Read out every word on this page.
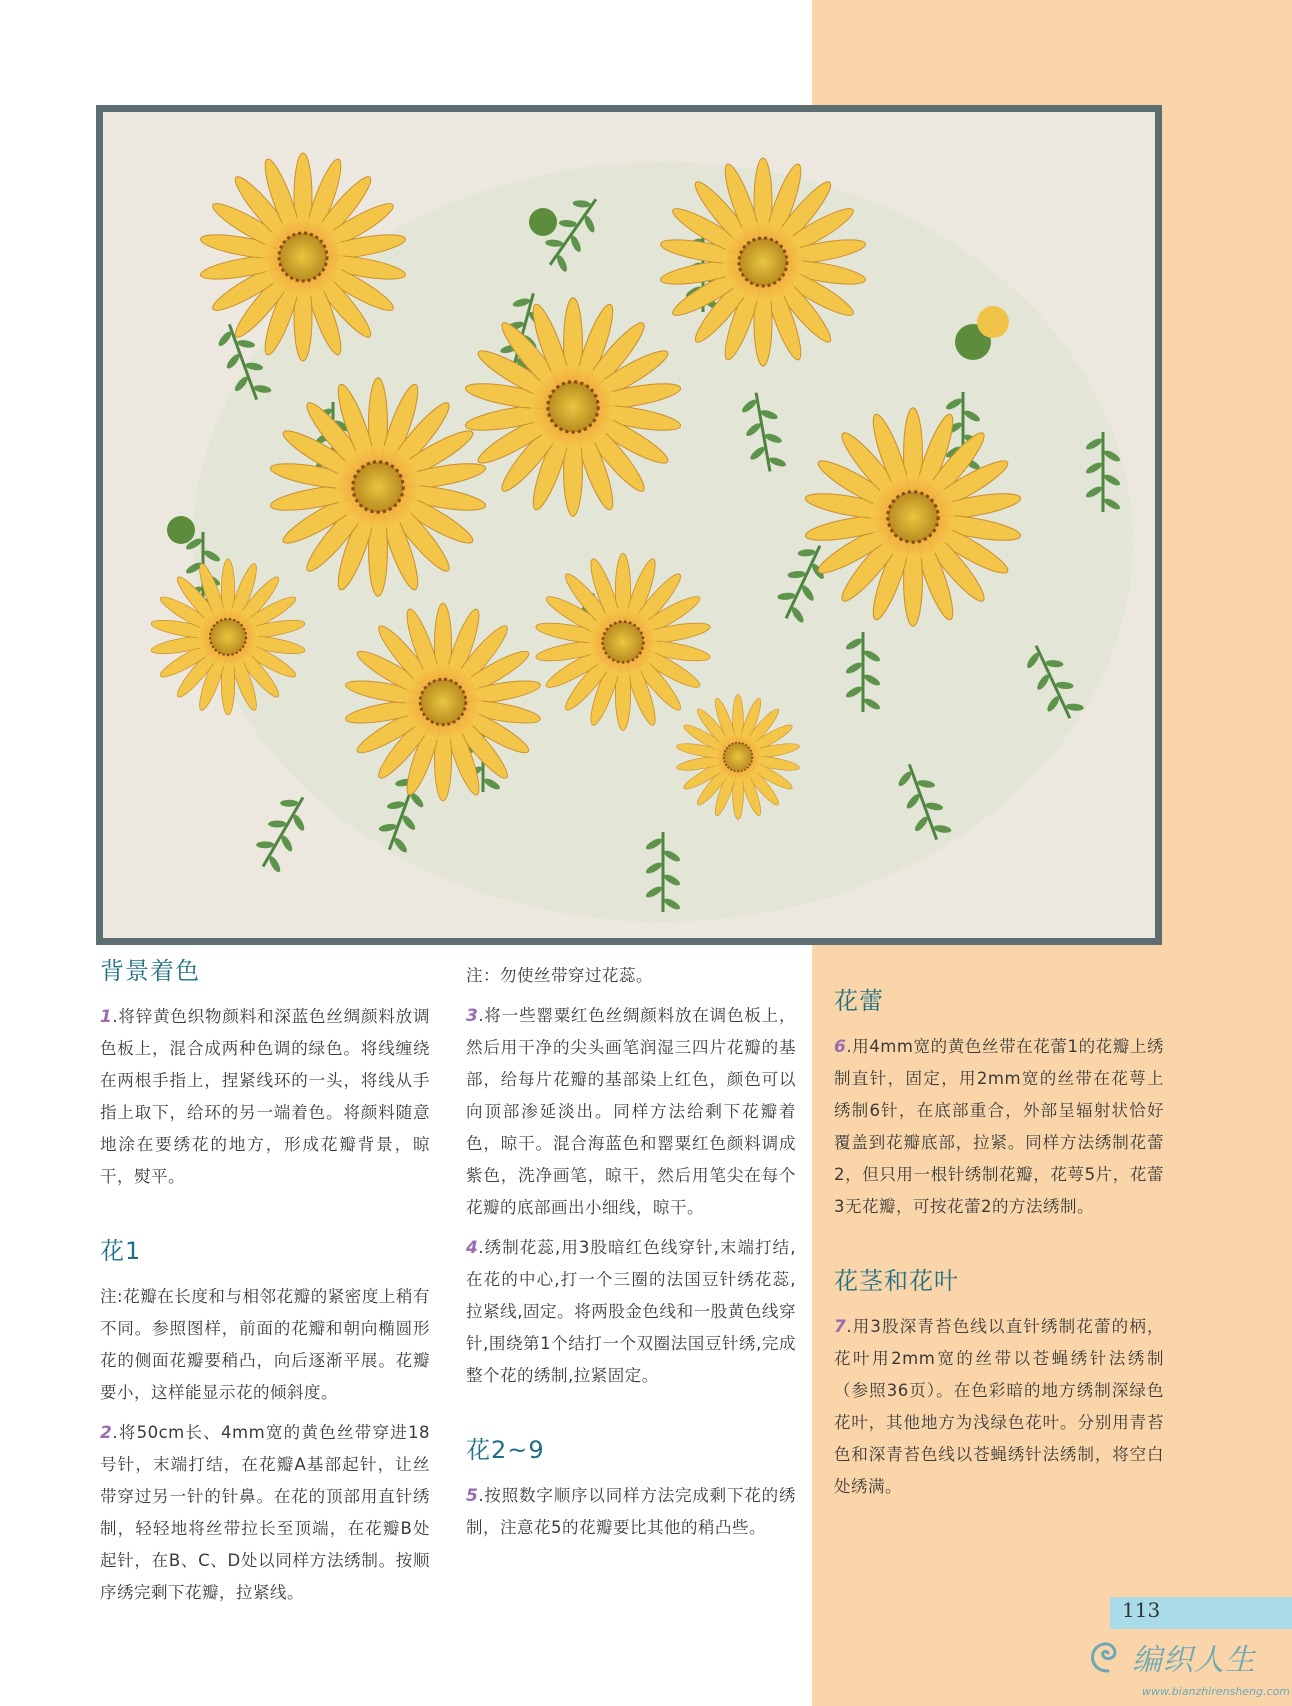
背景着色

1.将锌黄色织物颜料和深蓝色丝绸颜料放调色板上，混合成两种色调的绿色。将线缠绕在两根手指上，捏紧线环的一头，将线从手指上取下，给环的另一端着色。将颜料随意地涂在要绣花的地方，形成花瓣背景，晾干，熨平。

花1

注:花瓣在长度和与相邻花瓣的紧密度上稍有不同。参照图样，前面的花瓣和朝向椭圆形花的侧面花瓣要稍凸，向后逐渐平展。花瓣要小，这样能显示花的倾斜度。

2.将50cm长、4mm宽的黄色丝带穿进18号针，末端打结，在花瓣A基部起针，让丝带穿过另一针的针鼻。在花的顶部用直针绣制，轻轻地将丝带拉长至顶端，在花瓣B处起针，在B、C、D处以同样方法绣制。按顺序绣完剩下花瓣，拉紧线。

注：勿使丝带穿过花蕊。

3.将一些罂粟红色丝绸颜料放在调色板上，然后用干净的尖头画笔润湿三四片花瓣的基部，给每片花瓣的基部染上红色，颜色可以向顶部渗延淡出。同样方法给剩下花瓣着色，晾干。混合海蓝色和罂粟红色颜料调成紫色，洗净画笔，晾干，然后用笔尖在每个花瓣的底部画出小细线，晾干。

4.绣制花蕊,用3股暗红色线穿针,末端打结,在花的中心,打一个三圈的法国豆针绣花蕊,拉紧线,固定。将两股金色线和一股黄色线穿针,围绕第1个结打一个双圈法国豆针绣,完成整个花的绣制,拉紧固定。

花2~9

5.按照数字顺序以同样方法完成剩下花的绣制，注意花5的花瓣要比其他的稍凸些。

花蕾

6.用4mm宽的黄色丝带在花蕾1的花瓣上绣制直针，固定，用2mm宽的丝带在花萼上绣制6针，在底部重合，外部呈辐射状恰好覆盖到花瓣底部，拉紧。同样方法绣制花蕾2，但只用一根针绣制花瓣，花萼5片，花蕾3无花瓣，可按花蕾2的方法绣制。

花茎和花叶

7.用3股深青苔色线以直针绣制花蕾的柄，花叶用2mm宽的丝带以苍蝇绣针法绣制（参照36页）。在色彩暗的地方绣制深绿色花叶，其他地方为浅绿色花叶。分别用青苔色和深青苔色线以苍蝇绣针法绣制，将空白处绣满。

113
编织人生
www.bianzhirensheng.com
